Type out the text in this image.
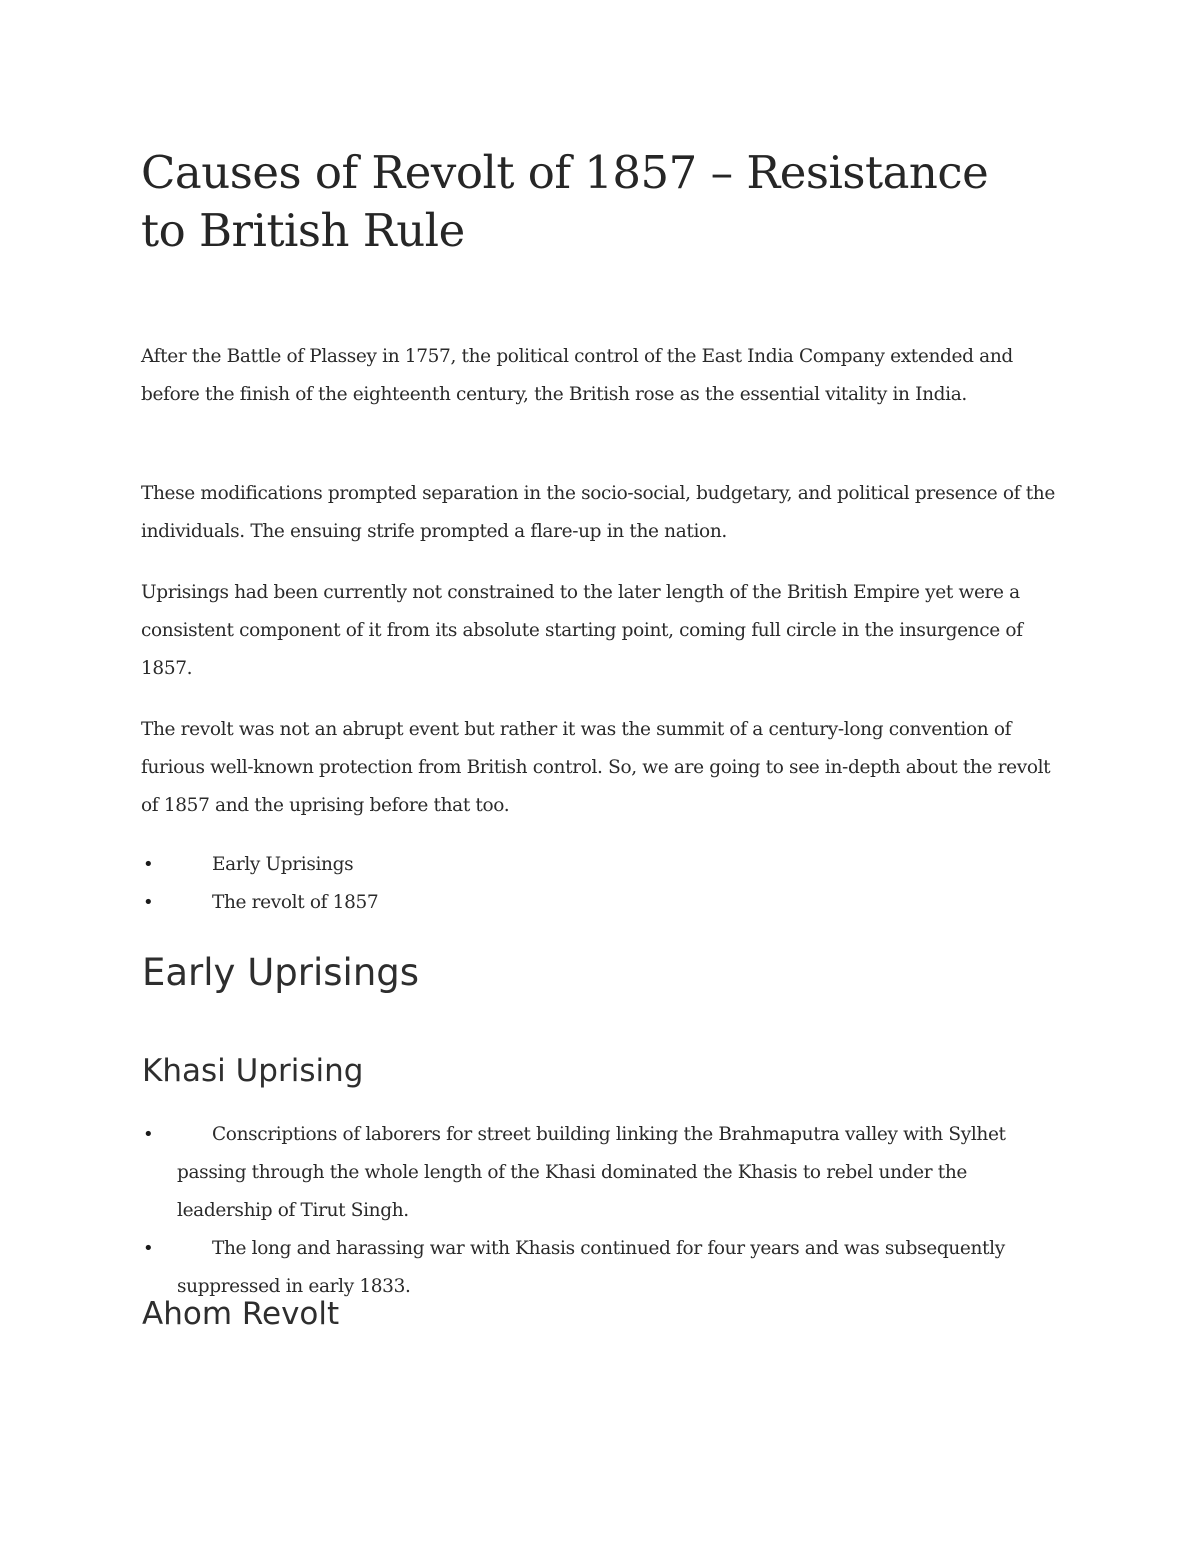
Causes of Revolt of 1857 – Resistance to British Rule

After the Battle of Plassey in 1757, the political control of the East India Company extended and before the finish of the eighteenth century, the British rose as the essential vitality in India.

These modifications prompted separation in the socio-social, budgetary, and political presence of the individuals. The ensuing strife prompted a flare-up in the nation.

Uprisings had been currently not constrained to the later length of the British Empire yet were a consistent component of it from its absolute starting point, coming full circle in the insurgence of 1857.

The revolt was not an abrupt event but rather it was the summit of a century-long convention of furious well-known protection from British control. So, we are going to see in-depth about the revolt of 1857 and the uprising before that too.

•	Early Uprisings
•	The revolt of 1857
Early Uprisings
Khasi Uprising
•	Conscriptions of laborers for street building linking the Brahmaputra valley with Sylhet passing through the whole length of the Khasi dominated the Khasis to rebel under the leadership of Tirut Singh.
•	The long and harassing war with Khasis continued for four years and was subsequently suppressed in early 1833.
Ahom Revolt
